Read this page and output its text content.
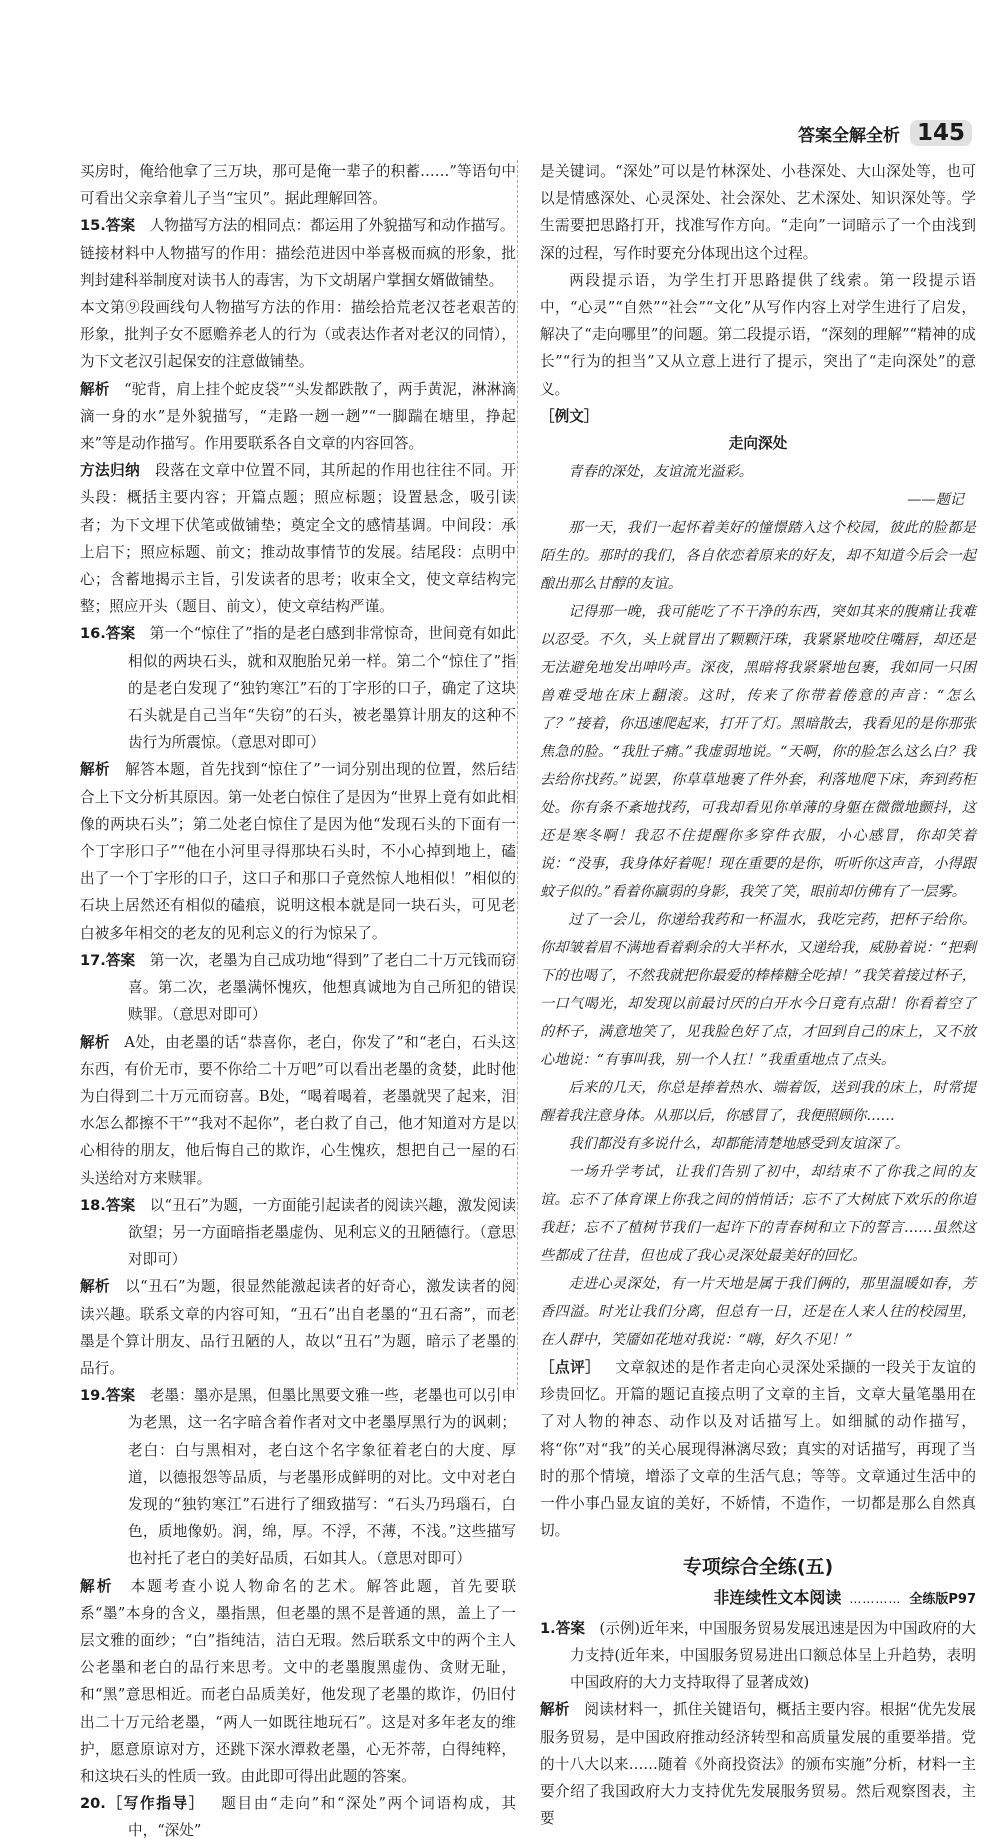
答案全解全析 145
买房时，俺给他拿了三万块，那可是俺一辈子的积蓄……”等语句中可看出父亲拿着儿子当“宝贝”。据此理解回答。
15.答案  人物描写方法的相同点：都运用了外貌描写和动作描写。
链接材料中人物描写的作用：描绘范进因中举喜极而疯的形象，批判封建科举制度对读书人的毒害，为下文胡屠户掌掴女婿做铺垫。
本文第⑨段画线句人物描写方法的作用：描绘拾荒老汉苍老艰苦的形象，批判子女不愿赡养老人的行为（或表达作者对老汉的同情），为下文老汉引起保安的注意做铺垫。
解析  “驼背，肩上挂个蛇皮袋”“头发都跌散了，两手黄泥，淋淋滴滴一身的水”是外貌描写，“走路一趔一趔”“一脚踹在塘里，挣起来”等是动作描写。作用要联系各自文章的内容回答。
方法归纳  段落在文章中位置不同，其所起的作用也往往不同。开头段：概括主要内容；开篇点题；照应标题；设置悬念，吸引读者；为下文埋下伏笔或做铺垫；奠定全文的感情基调。中间段：承上启下；照应标题、前文；推动故事情节的发展。结尾段：点明中心；含蓄地揭示主旨，引发读者的思考；收束全文，使文章结构完整；照应开头（题目、前文），使文章结构严谨。
16.答案  第一个“惊住了”指的是老白感到非常惊奇，世间竟有如此相似的两块石头，就和双胞胎兄弟一样。第二个“惊住了”指的是老白发现了“独钓寒江”石的丁字形的口子，确定了这块石头就是自己当年“失窃”的石头，被老墨算计朋友的这种不齿行为所震惊。（意思对即可）
解析  解答本题，首先找到“惊住了”一词分别出现的位置，然后结合上下文分析其原因。第一处老白惊住了是因为“世界上竟有如此相像的两块石头”；第二处老白惊住了是因为他“发现石头的下面有一个丁字形口子”“他在小河里寻得那块石头时，不小心掉到地上，磕出了一个丁字形的口子，这口子和那口子竟然惊人地相似！”相似的石块上居然还有相似的磕痕，说明这根本就是同一块石头，可见老白被多年相交的老友的见利忘义的行为惊呆了。
17.答案  第一次，老墨为自己成功地“得到”了老白二十万元钱而窃喜。第二次，老墨满怀愧疚，他想真诚地为自己所犯的错误赎罪。（意思对即可）
解析  A处，由老墨的话“恭喜你，老白，你发了”和“老白，石头这东西，有价无市，要不你给二十万吧”可以看出老墨的贪婪，此时他为白得到二十万元而窃喜。B处，“喝着喝着，老墨就哭了起来，泪水怎么都擦不干”“我对不起你”，老白救了自己，他才知道对方是以心相待的朋友，他后悔自己的欺诈，心生愧疚，想把自己一屋的石头送给对方来赎罪。
18.答案  以“丑石”为题，一方面能引起读者的阅读兴趣，激发阅读欲望；另一方面暗指老墨虚伪、见利忘义的丑陋德行。（意思对即可）
解析  以“丑石”为题，很显然能激起读者的好奇心，激发读者的阅读兴趣。联系文章的内容可知，“丑石”出自老墨的“丑石斋”，而老墨是个算计朋友、品行丑陋的人，故以“丑石”为题，暗示了老墨的品行。
19.答案  老墨：墨亦是黑，但墨比黑要文雅一些，老墨也可以引申为老黑，这一名字暗含着作者对文中老墨厚黑行为的讽刺；老白：白与黑相对，老白这个名字象征着老白的大度、厚道，以德报怨等品质，与老墨形成鲜明的对比。文中对老白发现的“独钓寒江”石进行了细致描写：“石头乃玛瑙石，白色，质地像奶。润，绵，厚。不浮，不薄，不浅。”这些描写也衬托了老白的美好品质，石如其人。（意思对即可）
解析  本题考查小说人物命名的艺术。解答此题，首先要联系“墨”本身的含义，墨指黑，但老墨的黑不是普通的黑，盖上了一层文雅的面纱；“白”指纯洁，洁白无瑕。然后联系文中的两个主人公老墨和老白的品行来思考。文中的老墨腹黑虚伪、贪财无耻，和“黑”意思相近。而老白品质美好，他发现了老墨的欺诈，仍旧付出二十万元给老墨，“两人一如既往地玩石”。这是对多年老友的维护，愿意原谅对方，还跳下深水潭救老墨，心无芥蒂，白得纯粹，和这块石头的性质一致。由此即可得出此题的答案。
20.［写作指导］  题目由“走向”和“深处”两个词语构成，其中，“深处”
是关键词。“深处”可以是竹林深处、小巷深处、大山深处等，也可以是情感深处、心灵深处、社会深处、艺术深处、知识深处等。学生需要把思路打开，找准写作方向。“走向”一词暗示了一个由浅到深的过程，写作时要充分体现出这个过程。
两段提示语，为学生打开思路提供了线索。第一段提示语中，“心灵”“自然”“社会”“文化”从写作内容上对学生进行了启发，解决了“走向哪里”的问题。第二段提示语，“深刻的理解”“精神的成长”“行为的担当”又从立意上进行了提示，突出了“走向深处”的意义。
［例文］ 
走向深处
青春的深处，友谊流光溢彩。
——题记
那一天，我们一起怀着美好的憧憬踏入这个校园，彼此的脸都是陌生的。那时的我们，各自依恋着原来的好友，却不知道今后会一起酿出那么甘醇的友谊。
记得那一晚，我可能吃了不干净的东西，突如其来的腹痛让我难以忍受。不久，头上就冒出了颗颗汗珠，我紧紧地咬住嘴唇，却还是无法避免地发出呻吟声。深夜，黑暗将我紧紧地包裹，我如同一只困兽难受地在床上翻滚。这时，传来了你带着倦意的声音：“怎么了？”接着，你迅速爬起来，打开了灯。黑暗散去，我看见的是你那张焦急的脸。“我肚子痛。”我虚弱地说。“天啊，你的脸怎么这么白？我去给你找药。”说罢，你草草地裹了件外套，利落地爬下床，奔到药柜处。你有条不紊地找药，可我却看见你单薄的身躯在微微地颤抖，这还是寒冬啊！我忍不住提醒你多穿件衣服，小心感冒，你却笑着说：“没事，我身体好着呢！现在重要的是你，听听你这声音，小得跟蚊子似的。”看着你羸弱的身影，我笑了笑，眼前却仿佛有了一层雾。
过了一会儿，你递给我药和一杯温水，我吃完药，把杯子给你。你却皱着眉不满地看着剩余的大半杯水，又递给我，威胁着说：“把剩下的也喝了，不然我就把你最爱的棒棒糖全吃掉！”我笑着接过杯子，一口气喝光，却发现以前最讨厌的白开水今日竟有点甜！你看着空了的杯子，满意地笑了，见我脸色好了点，才回到自己的床上，又不放心地说：“有事叫我，别一个人扛！”我重重地点了点头。
后来的几天，你总是捧着热水、端着饭，送到我的床上，时常提醒着我注意身体。从那以后，你感冒了，我便照顾你……
我们都没有多说什么，却都能清楚地感受到友谊深了。
一场升学考试，让我们告别了初中，却结束不了你我之间的友谊。忘不了体育课上你我之间的悄悄话；忘不了大树底下欢乐的你追我赶；忘不了植树节我们一起许下的青春树和立下的誓言……虽然这些都成了往昔，但也成了我心灵深处最美好的回忆。
走进心灵深处，有一片天地是属于我们俩的，那里温暖如春，芳香四溢。时光让我们分离，但总有一日，还是在人来人往的校园里，在人群中，笑靥如花地对我说：“嗨，好久不见！”
［点评］  文章叙述的是作者走向心灵深处采撷的一段关于友谊的珍贵回忆。开篇的题记直接点明了文章的主旨，文章大量笔墨用在了对人物的神态、动作以及对话描写上。如细腻的动作描写，将“你”对“我”的关心展现得淋漓尽致；真实的对话描写，再现了当时的那个情境，增添了文章的生活气息；等等。文章通过生活中的一件小事凸显友谊的美好，不娇情，不造作，一切都是那么自然真切。
专项综合全练(五)
非连续性文本阅读 ………… 全练版P97
1.答案  (示例)近年来，中国服务贸易发展迅速是因为中国政府的大力支持(近年来，中国服务贸易进出口额总体呈上升趋势，表明中国政府的大力支持取得了显著成效)
解析  阅读材料一，抓住关键语句，概括主要内容。根据“优先发展服务贸易，是中国政府推动经济转型和高质量发展的重要举措。党的十八大以来……随着《外商投资法》的颁布实施”分析，材料一主要介绍了我国政府大力支持优先发展服务贸易。然后观察图表，主要
